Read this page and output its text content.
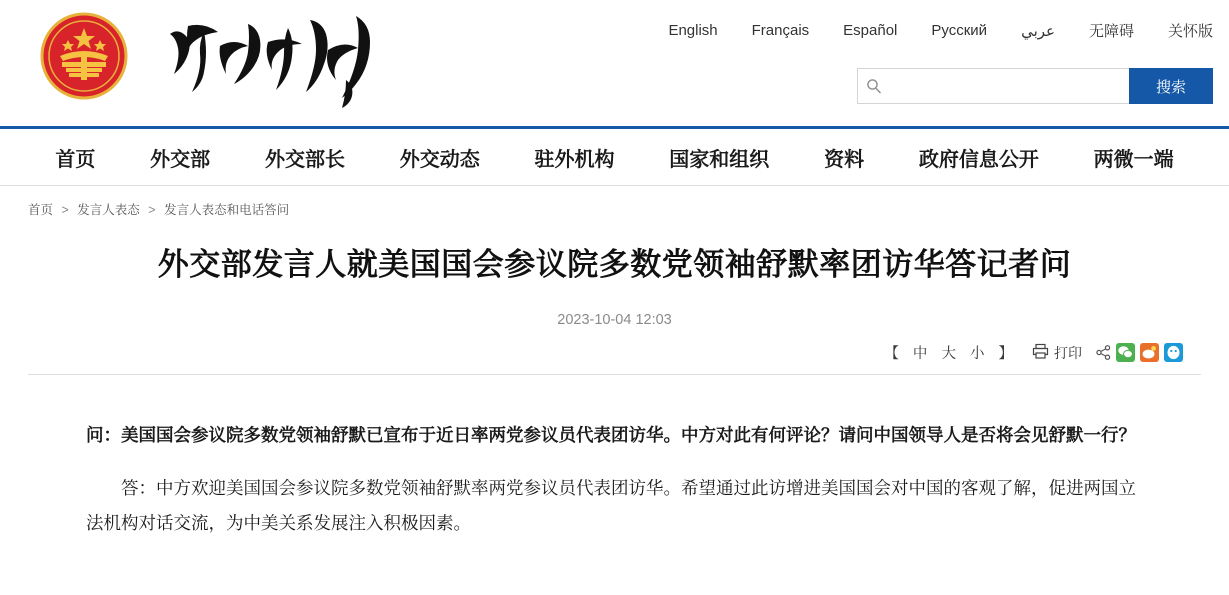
English	Français	Español	Русский	عربي	无障碍	关怀版
搜索
首页	外交部	外交部长	外交动态	驻外机构	国家和组织	资料	政府信息公开	两微一端
首页 > 发言人表态 > 发言人表态和电话答问
外交部发言人就美国国会参议院多数党领袖舒默率团访华答记者问
2023-10-04 12:03
【 中 大 小 】	打印

问：美国国会参议院多数党领袖舒默已宣布于近日率两党参议员代表团访华。中方对此有何评论？请问中国领导人是否将会见舒默一行？

答：中方欢迎美国国会参议院多数党领袖舒默率两党参议员代表团访华。希望通过此访增进美国国会对中国的客观了解，促进两国立法机构对话交流，为中美关系发展注入积极因素。
